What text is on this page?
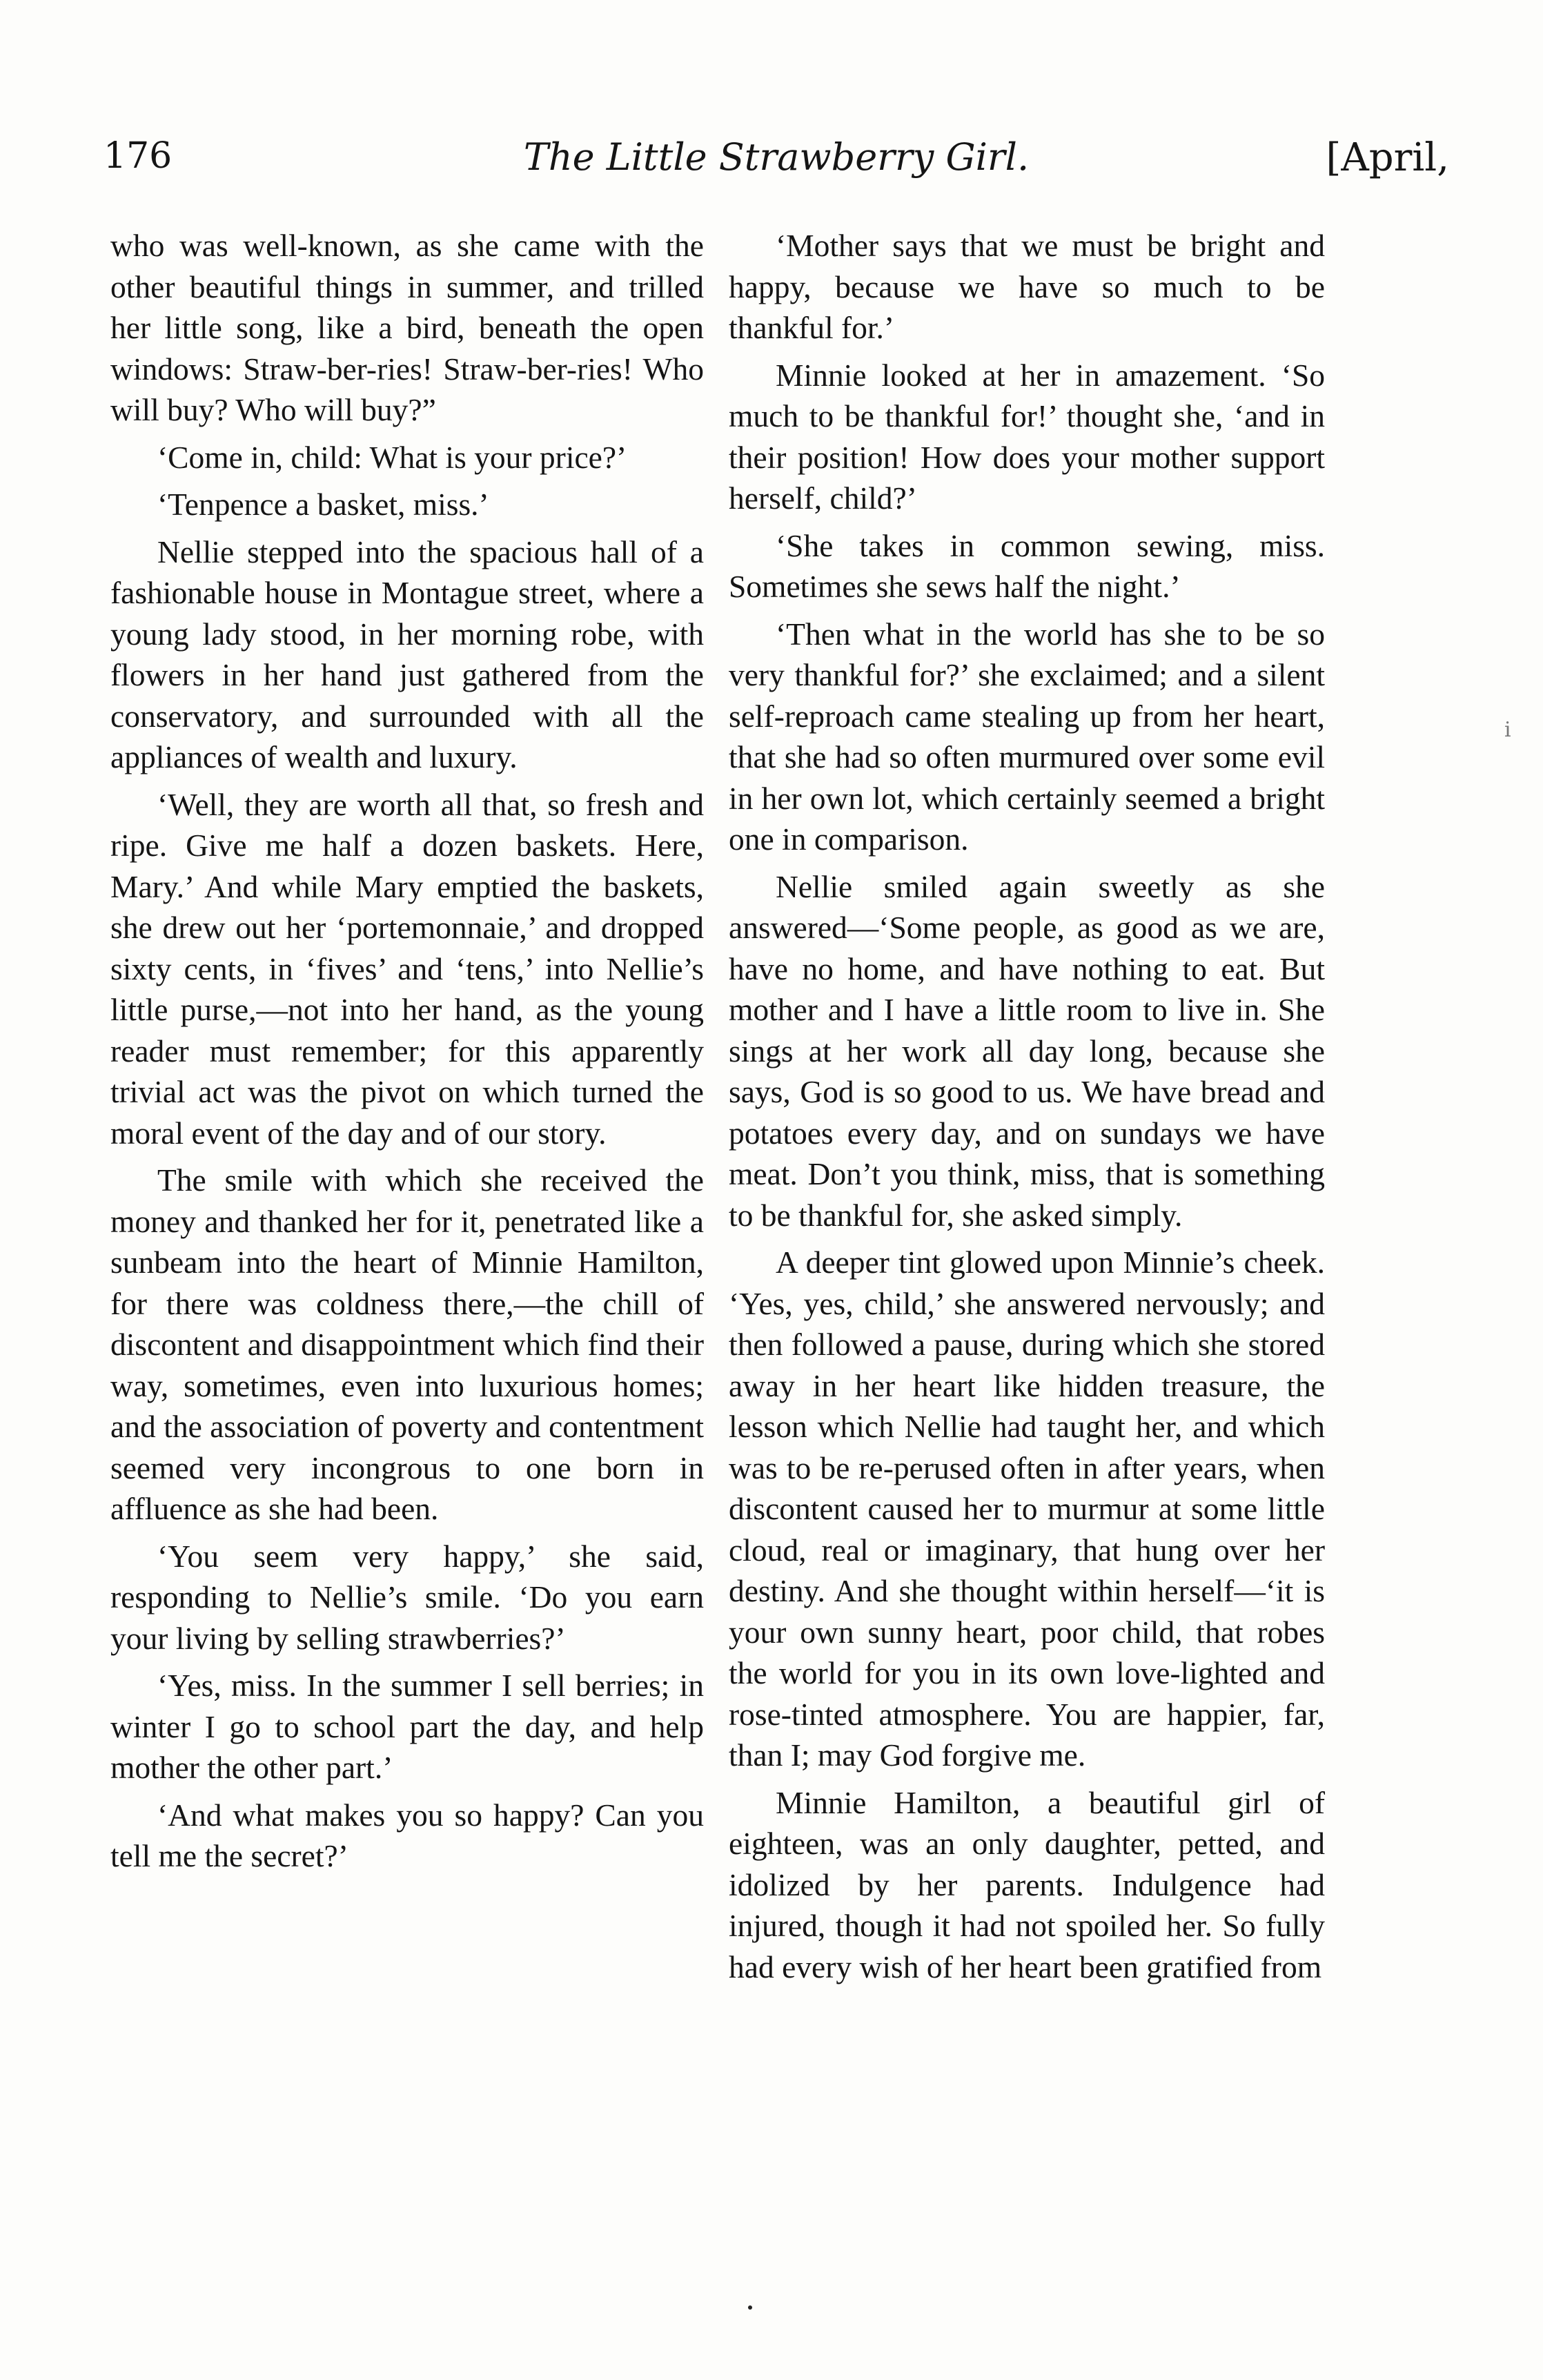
176	The Little Strawberry Girl.	[April,

who was well-known, as she came with the other beautiful things in summer, and trilled her little song, like a bird, beneath the open windows: Straw-ber-ries! Straw-ber-ries! Who will buy? Who will buy?”

‘Come in, child: What is your price?’

‘Tenpence a basket, miss.’

Nellie stepped into the spacious hall of a fashionable house in Montague street, where a young lady stood, in her morning robe, with flowers in her hand just gathered from the conservatory, and surrounded with all the appliances of wealth and luxury.

‘Well, they are worth all that, so fresh and ripe. Give me half a dozen baskets. Here, Mary.’ And while Mary emptied the baskets, she drew out her ‘portemonnaie,’ and dropped sixty cents, in ‘fives’ and ‘tens,’ into Nellie’s little purse,—not into her hand, as the young reader must remember; for this apparently trivial act was the pivot on which turned the moral event of the day and of our story.

The smile with which she received the money and thanked her for it, penetrated like a sunbeam into the heart of Minnie Hamilton, for there was coldness there,—the chill of discontent and disappointment which find their way, sometimes, even into luxurious homes; and the association of poverty and contentment seemed very incongrous to one born in affluence as she had been.

‘You seem very happy,’ she said, responding to Nellie’s smile. ‘Do you earn your living by selling strawberries?’

‘Yes, miss. In the summer I sell berries; in winter I go to school part the day, and help mother the other part.’

‘And what makes you so happy? Can you tell me the secret?’

‘Mother says that we must be bright and happy, because we have so much to be thankful for.’

Minnie looked at her in amazement. ‘So much to be thankful for!’ thought she, ‘and in their position! How does your mother support herself, child?’

‘She takes in common sewing, miss. Sometimes she sews half the night.’

‘Then what in the world has she to be so very thankful for?’ she exclaimed; and a silent self-reproach came stealing up from her heart, that she had so often murmured over some evil in her own lot, which certainly seemed a bright one in comparison.

Nellie smiled again sweetly as she answered—‘Some people, as good as we are, have no home, and have nothing to eat. But mother and I have a little room to live in. She sings at her work all day long, because she says, God is so good to us. We have bread and potatoes every day, and on sundays we have meat. Don’t you think, miss, that is something to be thankful for, she asked simply.

A deeper tint glowed upon Minnie’s cheek. ‘Yes, yes, child,’ she answered nervously; and then followed a pause, during which she stored away in her heart like hidden treasure, the lesson which Nellie had taught her, and which was to be re-perused often in after years, when discontent caused her to murmur at some little cloud, real or imaginary, that hung over her destiny. And she thought within herself—‘it is your own sunny heart, poor child, that robes the world for you in its own love-lighted and rose-tinted atmosphere. You are happier, far, than I; may God forgive me.

Minnie Hamilton, a beautiful girl of eighteen, was an only daughter, petted, and idolized by her parents. Indulgence had injured, though it had not spoiled her. So fully had every wish of her heart been gratified from

i
